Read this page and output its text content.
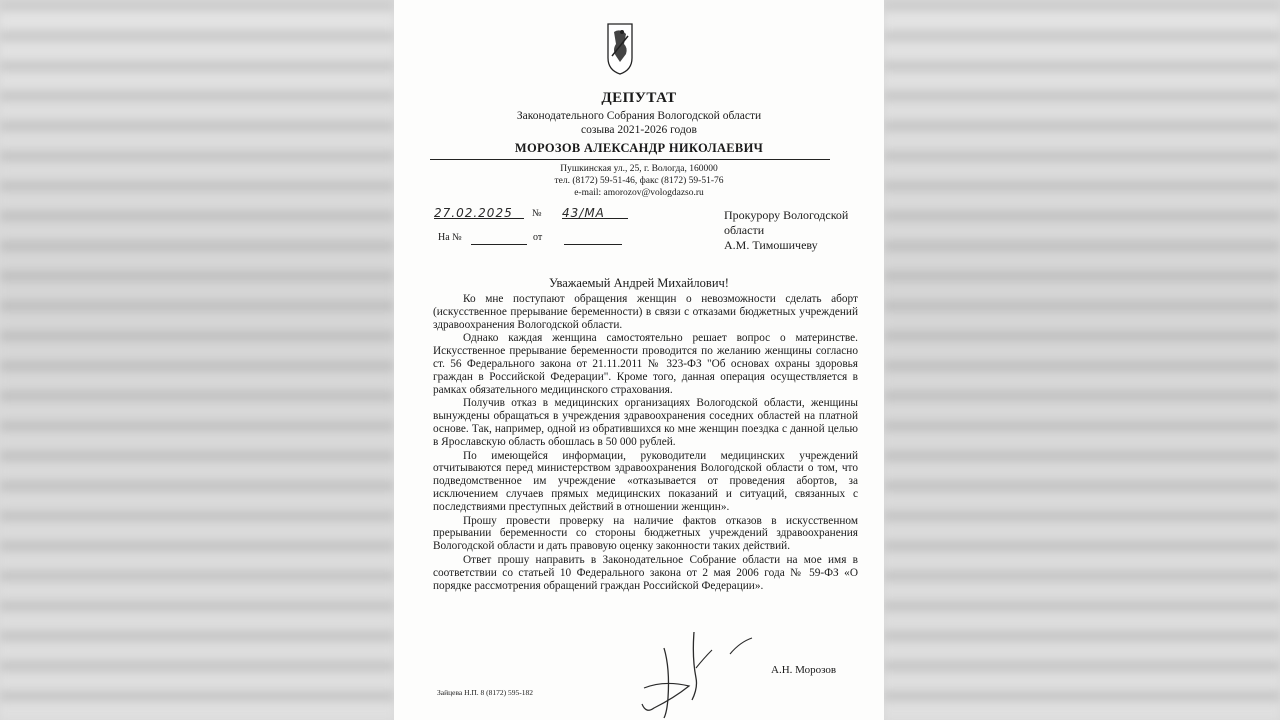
ДЕПУТАТ
Законодательного Собрания Вологодской области
созыва 2021-2026 годов
МОРОЗОВ АЛЕКСАНДР НИКОЛАЕВИЧ
Пушкинская ул., 25, г. Вологда, 160000
тел. (8172) 59-51-46, факс (8172) 59-51-76
e-mail: amorozov@vologdazso.ru
27.02.2025	№ 43/МА
На №	от
Прокурору Вологодской
области
А.М. Тимошичеву
Уважаемый Андрей Михайлович!

Ко мне поступают обращения женщин о невозможности сделать аборт (искусственное прерывание беременности) в связи с отказами бюджетных учреждений здравоохранения Вологодской области.

Однако каждая женщина самостоятельно решает вопрос о материнстве. Искусственное прерывание беременности проводится по желанию женщины согласно ст. 56 Федерального закона от 21.11.2011 № 323-ФЗ "Об основах охраны здоровья граждан в Российской Федерации". Кроме того, данная операция осуществляется в рамках обязательного медицинского страхования.

Получив отказ в медицинских организациях Вологодской области, женщины вынуждены обращаться в учреждения здравоохранения соседних областей на платной основе. Так, например, одной из обратившихся ко мне женщин поездка с данной целью в Ярославскую область обошлась в 50 000 рублей.

По имеющейся информации, руководители медицинских учреждений отчитываются перед министерством здравоохранения Вологодской области о том, что подведомственное им учреждение «отказывается от проведения абортов, за исключением случаев прямых медицинских показаний и ситуаций, связанных с последствиями преступных действий в отношении женщин».

Прошу провести проверку на наличие фактов отказов в искусственном прерывании беременности со стороны бюджетных учреждений здравоохранения Вологодской области и дать правовую оценку законности таких действий.

Ответ прошу направить в Законодательное Собрание области на мое имя в соответствии со статьей 10 Федерального закона от 2 мая 2006 года № 59-ФЗ «О порядке рассмотрения обращений граждан Российской Федерации».

А.Н. Морозов
Зайцева Н.П. 8 (8172) 595-182
